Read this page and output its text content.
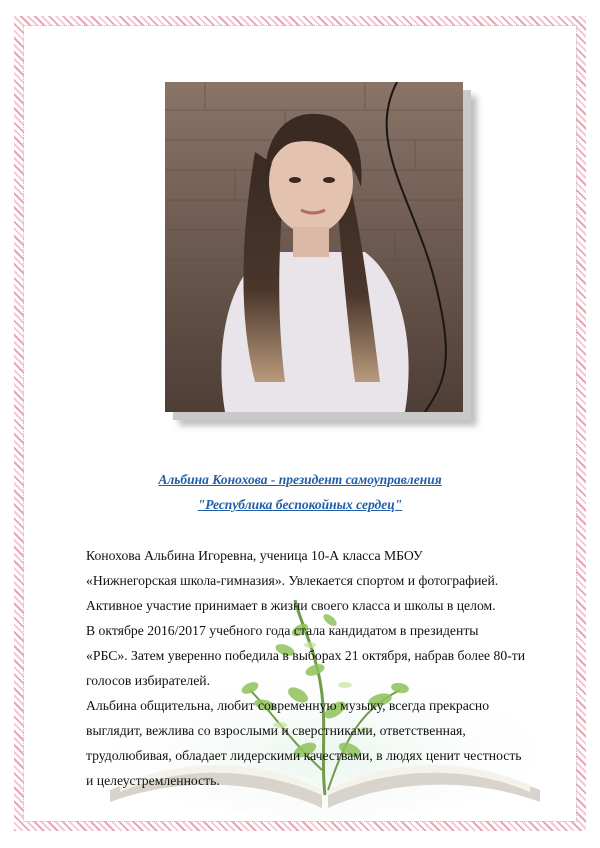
Альбина Конохова - президент самоуправления
"Республика беспокойных сердец"

Конохова Альбина Игоревна, ученица 10-А класса МБОУ

«Нижнегорская школа-гимназия». Увлекается спортом и фотографией.

Активное участие принимает в жизни своего класса и школы в целом.

В октябре 2016/2017 учебного года стала кандидатом в президенты

«РБС». Затем уверенно победила в выборах 21 октября, набрав более 80-ти

голосов избирателей.

Альбина общительна, любит современную музыку, всегда прекрасно

выглядит, вежлива со взрослыми и сверстниками, ответственная,

трудолюбивая, обладает лидерскими качествами, в людях ценит честность

и целеустремленность.
